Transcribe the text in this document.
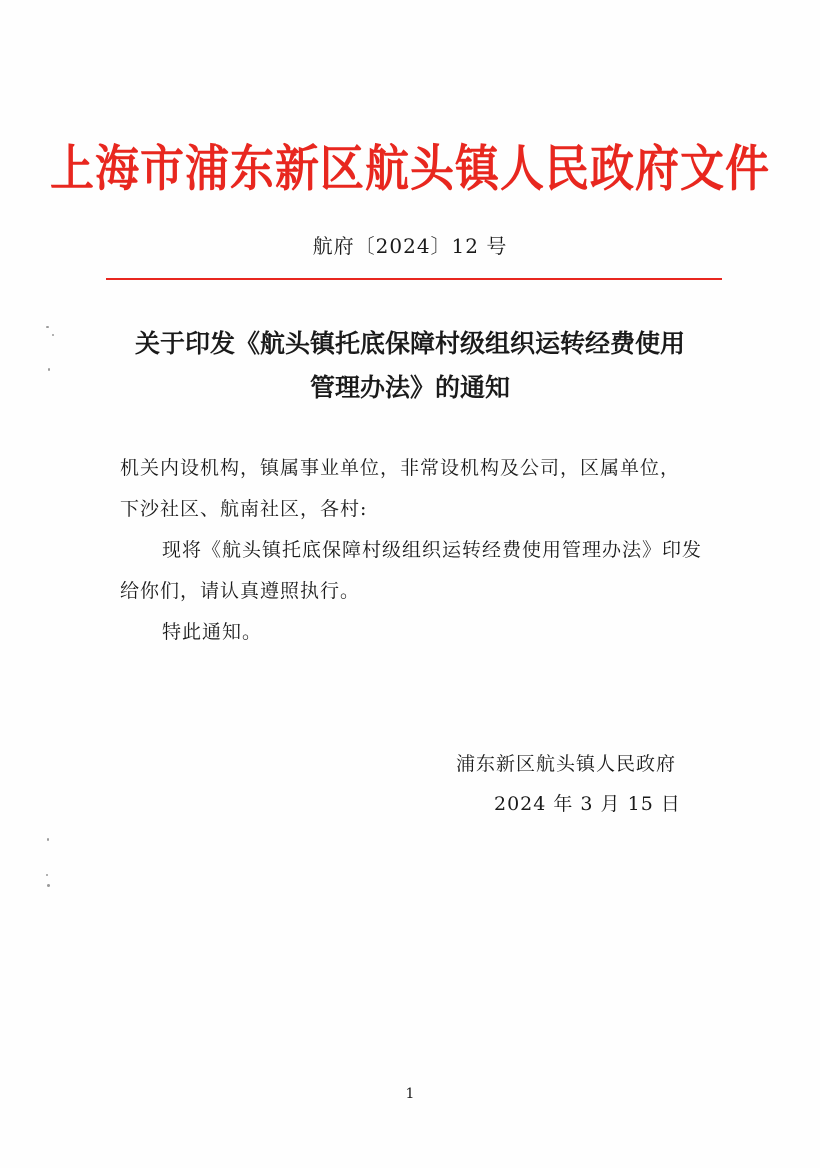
上海市浦东新区航头镇人民政府文件
航府〔2024〕12 号
关于印发《航头镇托底保障村级组织运转经费使用
管理办法》的通知

机关内设机构，镇属事业单位，非常设机构及公司，区属单位，

下沙社区、航南社区，各村:

现将《航头镇托底保障村级组织运转经费使用管理办法》印发给你们，请认真遵照执行。

特此通知。

浦东新区航头镇人民政府
2024 年 3 月 15 日
1
